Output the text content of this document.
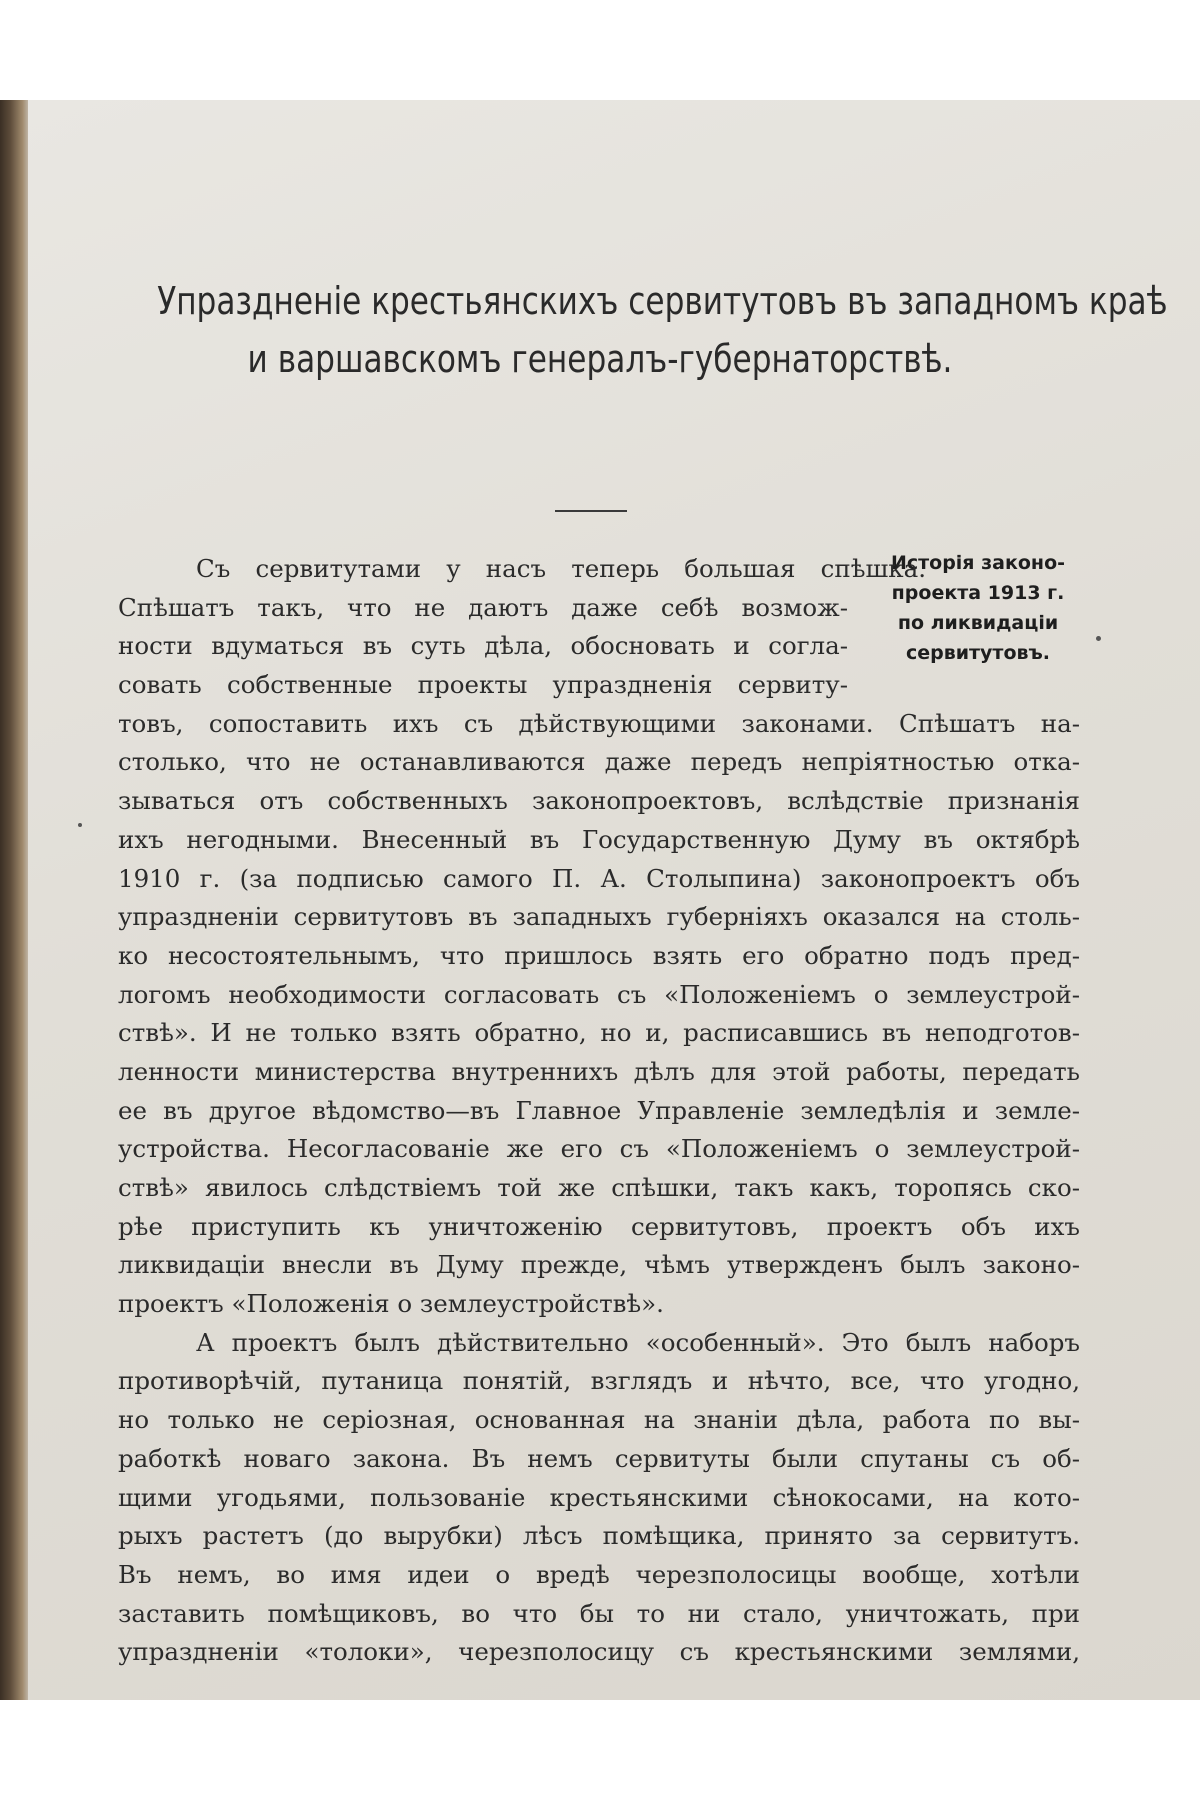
Упраздненіе крестьянскихъ сервитутовъ въ западномъ краѣ
и варшавскомъ генералъ-губернаторствѣ.
Исторія законо-
проекта 1913 г.
по ликвидаціи
сервитутовъ.
Съ сервитутами у насъ теперь большая спѣшка.
Спѣшатъ такъ, что не даютъ даже себѣ возмож-
ности вдуматься въ суть дѣла, обосновать и согла-
совать собственные проекты упраздненія сервиту-
товъ, сопоставить ихъ съ дѣйствующими законами. Спѣшатъ на-
столько, что не останавливаются даже передъ непріятностью отка-
зываться отъ собственныхъ законопроектовъ, вслѣдствіе признанія
ихъ негодными. Внесенный въ Государственную Думу въ октябрѣ
1910 г. (за подписью самого П. А. Столыпина) законопроектъ объ
упраздненіи сервитутовъ въ западныхъ губерніяхъ оказался на столь-
ко несостоятельнымъ, что пришлось взять его обратно подъ пред-
логомъ необходимости согласовать съ «Положеніемъ о землеустрой-
ствѣ». И не только взять обратно, но и, расписавшись въ неподготов-
ленности министерства внутреннихъ дѣлъ для этой работы, передать
ее въ другое вѣдомство—въ Главное Управленіе земледѣлія и земле-
устройства. Несогласованіе же его съ «Положеніемъ о землеустрой-
ствѣ» явилось слѣдствіемъ той же спѣшки, такъ какъ, торопясь ско-
рѣе приступить къ уничтоженію сервитутовъ, проектъ объ ихъ
ликвидаціи внесли въ Думу прежде, чѣмъ утвержденъ былъ законо-
проектъ «Положенія о землеустройствѣ».
А проектъ былъ дѣйствительно «особенный». Это былъ наборъ
противорѣчій, путаница понятій, взглядъ и нѣчто, все, что угодно,
но только не серіозная, основанная на знаніи дѣла, работа по вы-
работкѣ новаго закона. Въ немъ сервитуты были спутаны съ об-
щими угодьями, пользованіе крестьянскими сѣнокосами, на кото-
рыхъ растетъ (до вырубки) лѣсъ помѣщика, принято за сервитутъ.
Въ немъ, во имя идеи о вредѣ черезполосицы вообще, хотѣли
заставить помѣщиковъ, во что бы то ни стало, уничтожать, при
упраздненіи «толоки», черезполосицу съ крестьянскими землями,
